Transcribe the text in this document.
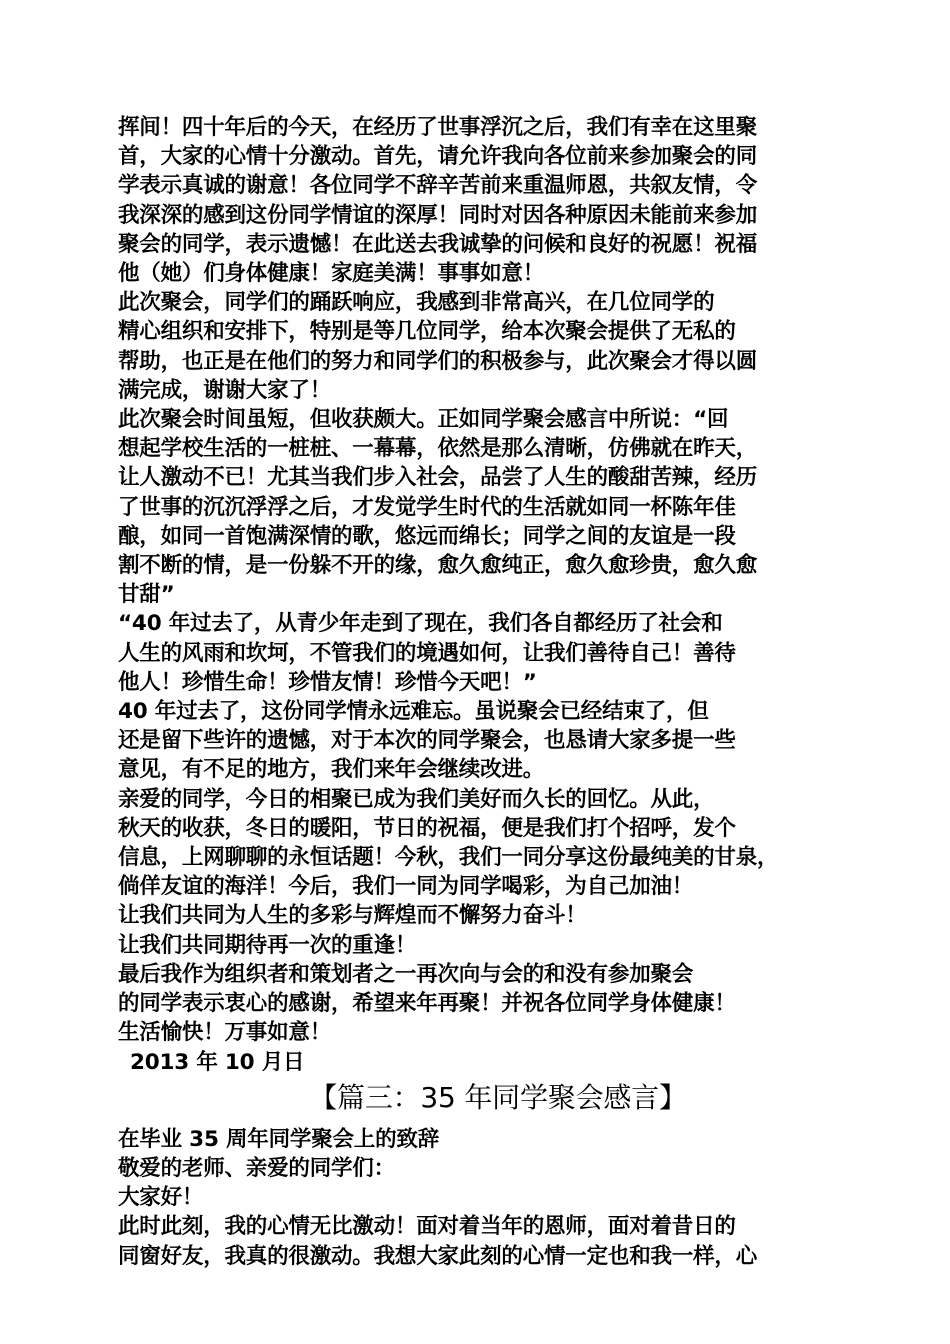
挥间！四十年后的今天，在经历了世事浮沉之后，我们有幸在这里聚
首，大家的心情十分激动。首先，请允许我向各位前来参加聚会的同
学表示真诚的谢意！各位同学不辞辛苦前来重温师恩，共叙友情，令
我深深的感到这份同学情谊的深厚！同时对因各种原因未能前来参加
聚会的同学，表示遗憾！在此送去我诚挚的问候和良好的祝愿！祝福
他（她）们身体健康！家庭美满！事事如意！
此次聚会，同学们的踊跃响应，我感到非常高兴，在几位同学的
精心组织和安排下，特别是等几位同学，给本次聚会提供了无私的
帮助，也正是在他们的努力和同学们的积极参与，此次聚会才得以圆
满完成，谢谢大家了！
此次聚会时间虽短，但收获颇大。正如同学聚会感言中所说：“回
想起学校生活的一桩桩、一幕幕，依然是那么清晰，仿佛就在昨天，
让人激动不已！尤其当我们步入社会，品尝了人生的酸甜苦辣，经历
了世事的沉沉浮浮之后，才发觉学生时代的生活就如同一杯陈年佳
酿，如同一首饱满深情的歌，悠远而绵长；同学之间的友谊是一段
割不断的情，是一份躲不开的缘，愈久愈纯正，愈久愈珍贵，愈久愈
甘甜”
“40 年过去了，从青少年走到了现在，我们各自都经历了社会和
人生的风雨和坎坷，不管我们的境遇如何，让我们善待自己！善待
他人！珍惜生命！珍惜友情！珍惜今天吧！”
40 年过去了，这份同学情永远难忘。虽说聚会已经结束了，但
还是留下些许的遗憾，对于本次的同学聚会，也恳请大家多提一些
意见，有不足的地方，我们来年会继续改进。
亲爱的同学，今日的相聚已成为我们美好而久长的回忆。从此，
秋天的收获，冬日的暖阳，节日的祝福，便是我们打个招呼，发个
信息，上网聊聊的永恒话题！今秋，我们一同分享这份最纯美的甘泉，
倘佯友谊的海洋！今后，我们一同为同学喝彩，为自己加油！
让我们共同为人生的多彩与辉煌而不懈努力奋斗！
让我们共同期待再一次的重逢！
最后我作为组织者和策划者之一再次向与会的和没有参加聚会
的同学表示衷心的感谢，希望来年再聚！并祝各位同学身体健康！
生活愉快！万事如意！
2013 年 10 月日
【篇三：35 年同学聚会感言】
在毕业 35 周年同学聚会上的致辞
敬爱的老师、亲爱的同学们：
大家好！
此时此刻，我的心情无比激动！面对着当年的恩师，面对着昔日的
同窗好友，我真的很激动。我想大家此刻的心情一定也和我一样，心
